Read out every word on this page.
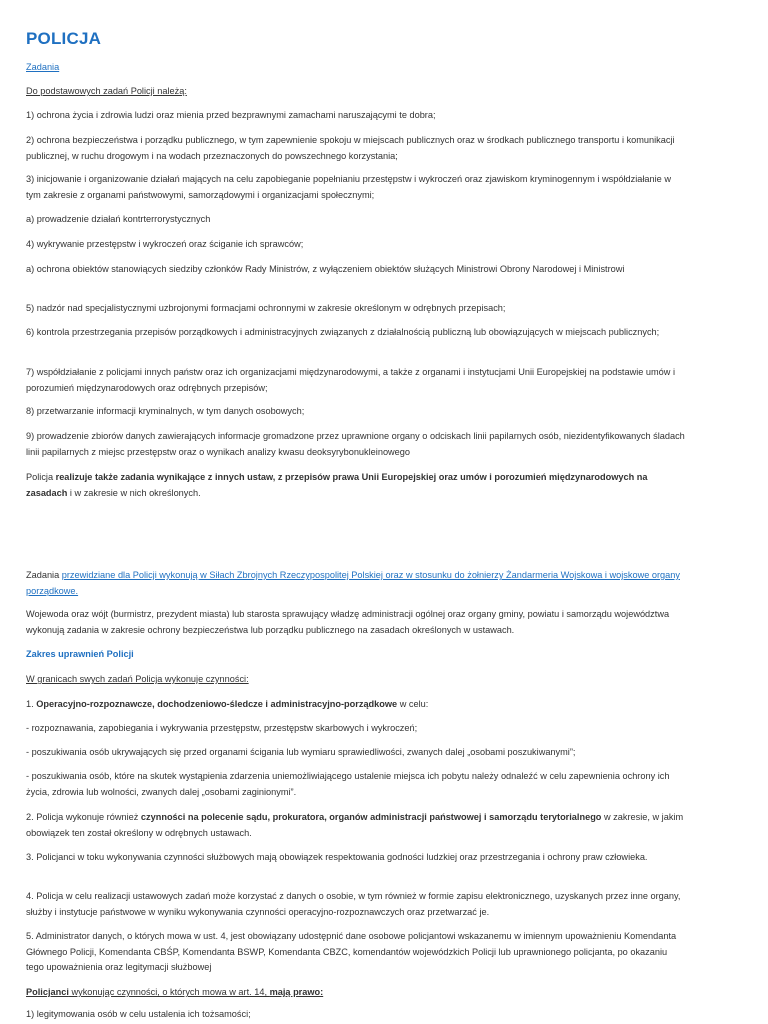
POLICJA

Zadania

Do podstawowych zadań Policji należą:

1) ochrona życia i zdrowia ludzi oraz mienia przed bezprawnymi zamachami naruszającymi te dobra;

2) ochrona bezpieczeństwa i porządku publicznego, w tym zapewnienie spokoju w miejscach publicznych oraz w środkach publicznego transportu i komunikacji publicznej, w ruchu drogowym i na wodach przeznaczonych do powszechnego korzystania;

3) inicjowanie i organizowanie działań mających na celu zapobieganie popełnianiu przestępstw i wykroczeń oraz zjawiskom kryminogennym i współdziałanie w tym zakresie z organami państwowymi, samorządowymi i organizacjami społecznymi;

a) prowadzenie działań kontrterrorystycznych

4) wykrywanie przestępstw i wykroczeń oraz ściganie ich sprawców;

a) ochrona obiektów stanowiących siedziby członków Rady Ministrów, z wyłączeniem obiektów służących Ministrowi Obrony Narodowej i Ministrowi

5) nadzór nad specjalistycznymi uzbrojonymi formacjami ochronnymi w zakresie określonym w odrębnych przepisach;

6) kontrola przestrzegania przepisów porządkowych i administracyjnych związanych z działalnością publiczną lub obowiązujących w miejscach publicznych;

7) współdziałanie z policjami innych państw oraz ich organizacjami międzynarodowymi, a także z organami i instytucjami Unii Europejskiej na podstawie umów i porozumień międzynarodowych oraz odrębnych przepisów;

8) przetwarzanie informacji kryminalnych, w tym danych osobowych;

9) prowadzenie zbiorów danych zawierających informacje gromadzone przez uprawnione organy o odciskach linii papilarnych osób, niezidentyfikowanych śladach linii papilarnych z miejsc przestępstw oraz o wynikach analizy kwasu deoksyrybonukleinowego

Policja realizuje także zadania wynikające z innych ustaw, z przepisów prawa Unii Europejskiej oraz umów i porozumień międzynarodowych na zasadach i w zakresie w nich określonych.

Zadania przewidziane dla Policji wykonują w Siłach Zbrojnych Rzeczypospolitej Polskiej oraz w stosunku do żołnierzy Żandarmeria Wojskowa i wojskowe organy porządkowe.

Wojewoda oraz wójt (burmistrz, prezydent miasta) lub starosta sprawujący władzę administracji ogólnej oraz organy gminy, powiatu i samorządu województwa wykonują zadania w zakresie ochrony bezpieczeństwa lub porządku publicznego na zasadach określonych w ustawach.

Zakres uprawnień Policji

W granicach swych zadań Policja wykonuje czynności:

1. Operacyjno-rozpoznawcze, dochodzeniowo-śledcze i administracyjno-porządkowe w celu:

- rozpoznawania, zapobiegania i wykrywania przestępstw, przestępstw skarbowych i wykroczeń;

- poszukiwania osób ukrywających się przed organami ścigania lub wymiaru sprawiedliwości, zwanych dalej „osobami poszukiwanymi”;

- poszukiwania osób, które na skutek wystąpienia zdarzenia uniemożliwiającego ustalenie miejsca ich pobytu należy odnaleźć w celu zapewnienia ochrony ich życia, zdrowia lub wolności, zwanych dalej „osobami zaginionymi”.

2. Policja wykonuje również czynności na polecenie sądu, prokuratora, organów administracji państwowej i samorządu terytorialnego w zakresie, w jakim obowiązek ten został określony w odrębnych ustawach.

3. Policjanci w toku wykonywania czynności służbowych mają obowiązek respektowania godności ludzkiej oraz przestrzegania i ochrony praw człowieka.

4. Policja w celu realizacji ustawowych zadań może korzystać z danych o osobie, w tym również w formie zapisu elektronicznego, uzyskanych przez inne organy, służby i instytucje państwowe w wyniku wykonywania czynności operacyjno-rozpoznawczych oraz przetwarzać je.

5. Administrator danych, o których mowa w ust. 4, jest obowiązany udostępnić dane osobowe policjantowi wskazanemu w imiennym upoważnieniu Komendanta Głównego Policji, Komendanta CBŚP, Komendanta BSWP, Komendanta CBZC, komendantów wojewódzkich Policji lub uprawnionego policjanta, po okazaniu tego upoważnienia oraz legitymacji służbowej

Policjanci wykonując czynności, o których mowa w art. 14, mają prawo:

1) legitymowania osób w celu ustalenia ich tożsamości;
